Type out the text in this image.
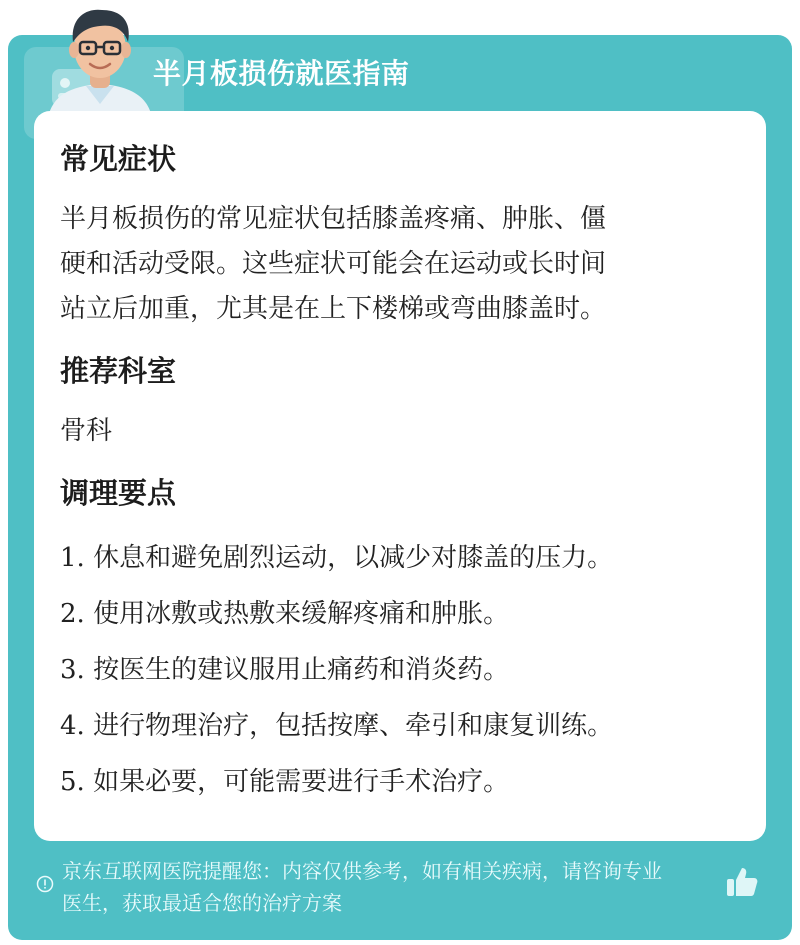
半月板损伤就医指南
常见症状
半月板损伤的常见症状包括膝盖疼痛、肿胀、僵
硬和活动受限。这些症状可能会在运动或长时间
站立后加重，尤其是在上下楼梯或弯曲膝盖时。
推荐科室
骨科
调理要点
1. 休息和避免剧烈运动，以减少对膝盖的压力。
2. 使用冰敷或热敷来缓解疼痛和肿胀。
3. 按医生的建议服用止痛药和消炎药。
4. 进行物理治疗，包括按摩、牵引和康复训练。
5. 如果必要，可能需要进行手术治疗。
京东互联网医院提醒您：内容仅供参考，如有相关疾病，请咨询专业
医生，获取最适合您的治疗方案
